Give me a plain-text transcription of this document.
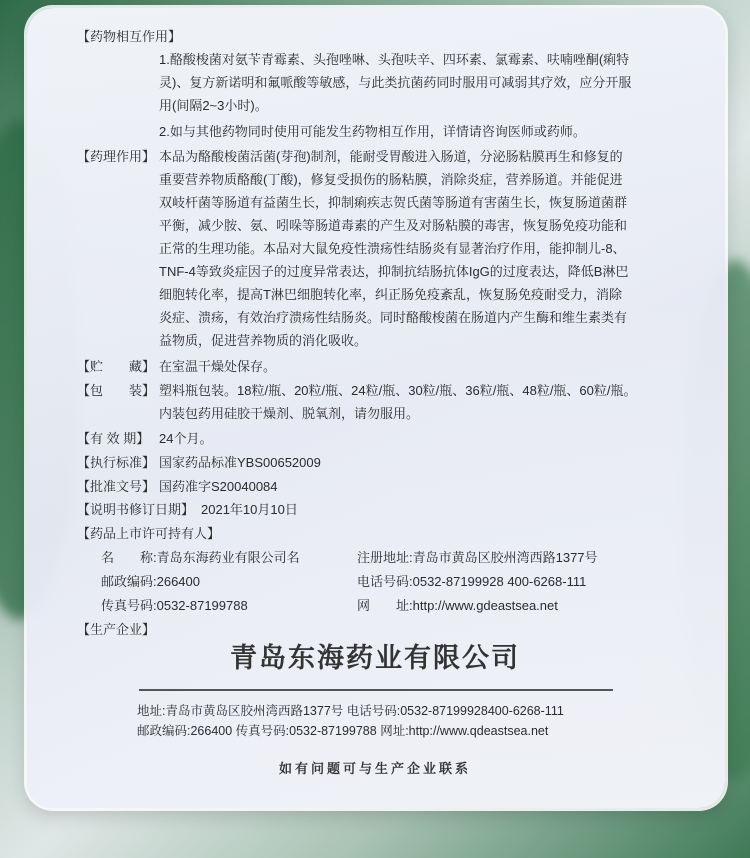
【药物相互作用】
1.酪酸梭菌对氨苄青霉素、头孢唑啉、头孢呋辛、四环素、氯霉素、呋喃唑酮(痢特
灵)、复方新诺明和氟哌酸等敏感，与此类抗菌药同时服用可减弱其疗效，应分开服
用(间隔2~3小时)。
2.如与其他药物同时使用可能发生药物相互作用，详情请咨询医师或药师。
【药理作用】 本品为酪酸梭菌活菌(芽孢)制剂，能耐受胃酸进入肠道，分泌肠粘膜再生和修复的
重要营养物质酪酸(丁酸)，修复受损伤的肠粘膜，消除炎症，营养肠道。并能促进
双岐杆菌等肠道有益菌生长，抑制痢疾志贺氏菌等肠道有害菌生长，恢复肠道菌群
平衡，减少胺、氨、吲哚等肠道毒素的产生及对肠粘膜的毒害，恢复肠免疫功能和
正常的生理功能。本品对大鼠免疫性溃疡性结肠炎有显著治疗作用，能抑制儿-8、
TNF-4等致炎症因子的过度异常表达，抑制抗结肠抗体IgG的过度表达，降低B淋巴
细胞转化率，提高T淋巴细胞转化率，纠正肠免疫紊乱，恢复肠免疫耐受力，消除
炎症、溃疡，有效治疗溃疡性结肠炎。同时酪酸梭菌在肠道内产生酶和维生素类有
益物质，促进营养物质的消化吸收。
【贮　　藏】 在室温干燥处保存。
【包　　装】 塑料瓶包装。18粒/瓶、20粒/瓶、24粒/瓶、30粒/瓶、36粒/瓶、48粒/瓶、60粒/瓶。
内装包药用硅胶干燥剂、脱氧剂，请勿服用。
【有 效 期】 24个月。
【执行标准】 国家药品标准YBS00652009
【批准文号】 国药准字S20040084
【说明书修订日期】 2021年10月10日
【药品上市许可持有人】
名　　称:青岛东海药业有限公司名
邮政编码:266400
传真号码:0532-87199788
注册地址:青岛市黄岛区胶州湾西路1377号
电话号码:0532-87199928 400-6268-111
网　　址:http://www.gdeastsea.net
【生产企业】
青岛东海药业有限公司
地址:青岛市黄岛区胶州湾西路1377号 电话号码:0532-87199928400-6268-111
邮政编码:266400 传真号码:0532-87199788 网址:http://www.qdeastsea.net
如有问题可与生产企业联系
